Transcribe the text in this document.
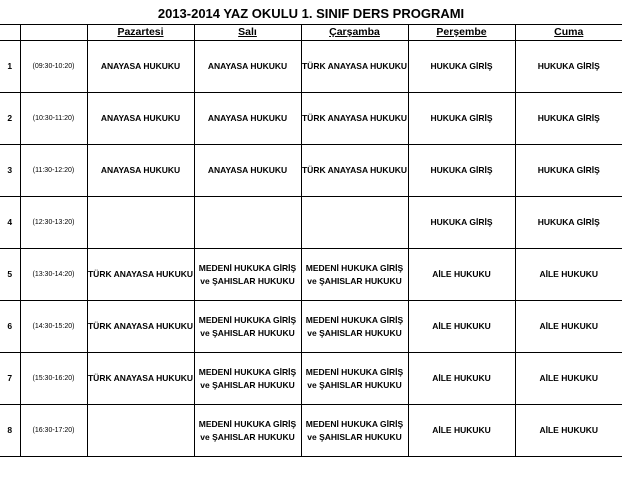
2013-2014 YAZ OKULU 1. SINIF DERS PROGRAMI
		Pazartesi	Salı	Çarşamba	Perşembe	Cuma
1	(09:30-10:20)	ANAYASA HUKUKU	ANAYASA HUKUKU	TÜRK ANAYASA HUKUKU	HUKUKA GİRİŞ	HUKUKA GİRİŞ
2	(10:30-11:20)	ANAYASA HUKUKU	ANAYASA HUKUKU	TÜRK ANAYASA HUKUKU	HUKUKA GİRİŞ	HUKUKA GİRİŞ
3	(11:30-12:20)	ANAYASA HUKUKU	ANAYASA HUKUKU	TÜRK ANAYASA HUKUKU	HUKUKA GİRİŞ	HUKUKA GİRİŞ
4	(12:30-13:20)				HUKUKA GİRİŞ	HUKUKA GİRİŞ
5	(13:30-14:20)	TÜRK ANAYASA HUKUKU	MEDENİ HUKUKA GİRİŞ ve ŞAHISLAR HUKUKU	MEDENİ HUKUKA GİRİŞ ve ŞAHISLAR HUKUKU	AİLE HUKUKU	AİLE HUKUKU
6	(14:30-15:20)	TÜRK ANAYASA HUKUKU	MEDENİ HUKUKA GİRİŞ ve ŞAHISLAR HUKUKU	MEDENİ HUKUKA GİRİŞ ve ŞAHISLAR HUKUKU	AİLE HUKUKU	AİLE HUKUKU
7	(15:30-16:20)	TÜRK ANAYASA HUKUKU	MEDENİ HUKUKA GİRİŞ ve ŞAHISLAR HUKUKU	MEDENİ HUKUKA GİRİŞ ve ŞAHISLAR HUKUKU	AİLE HUKUKU	AİLE HUKUKU
8	(16:30-17:20)		MEDENİ HUKUKA GİRİŞ ve ŞAHISLAR HUKUKU	MEDENİ HUKUKA GİRİŞ ve ŞAHISLAR HUKUKU	AİLE HUKUKU	AİLE HUKUKU
